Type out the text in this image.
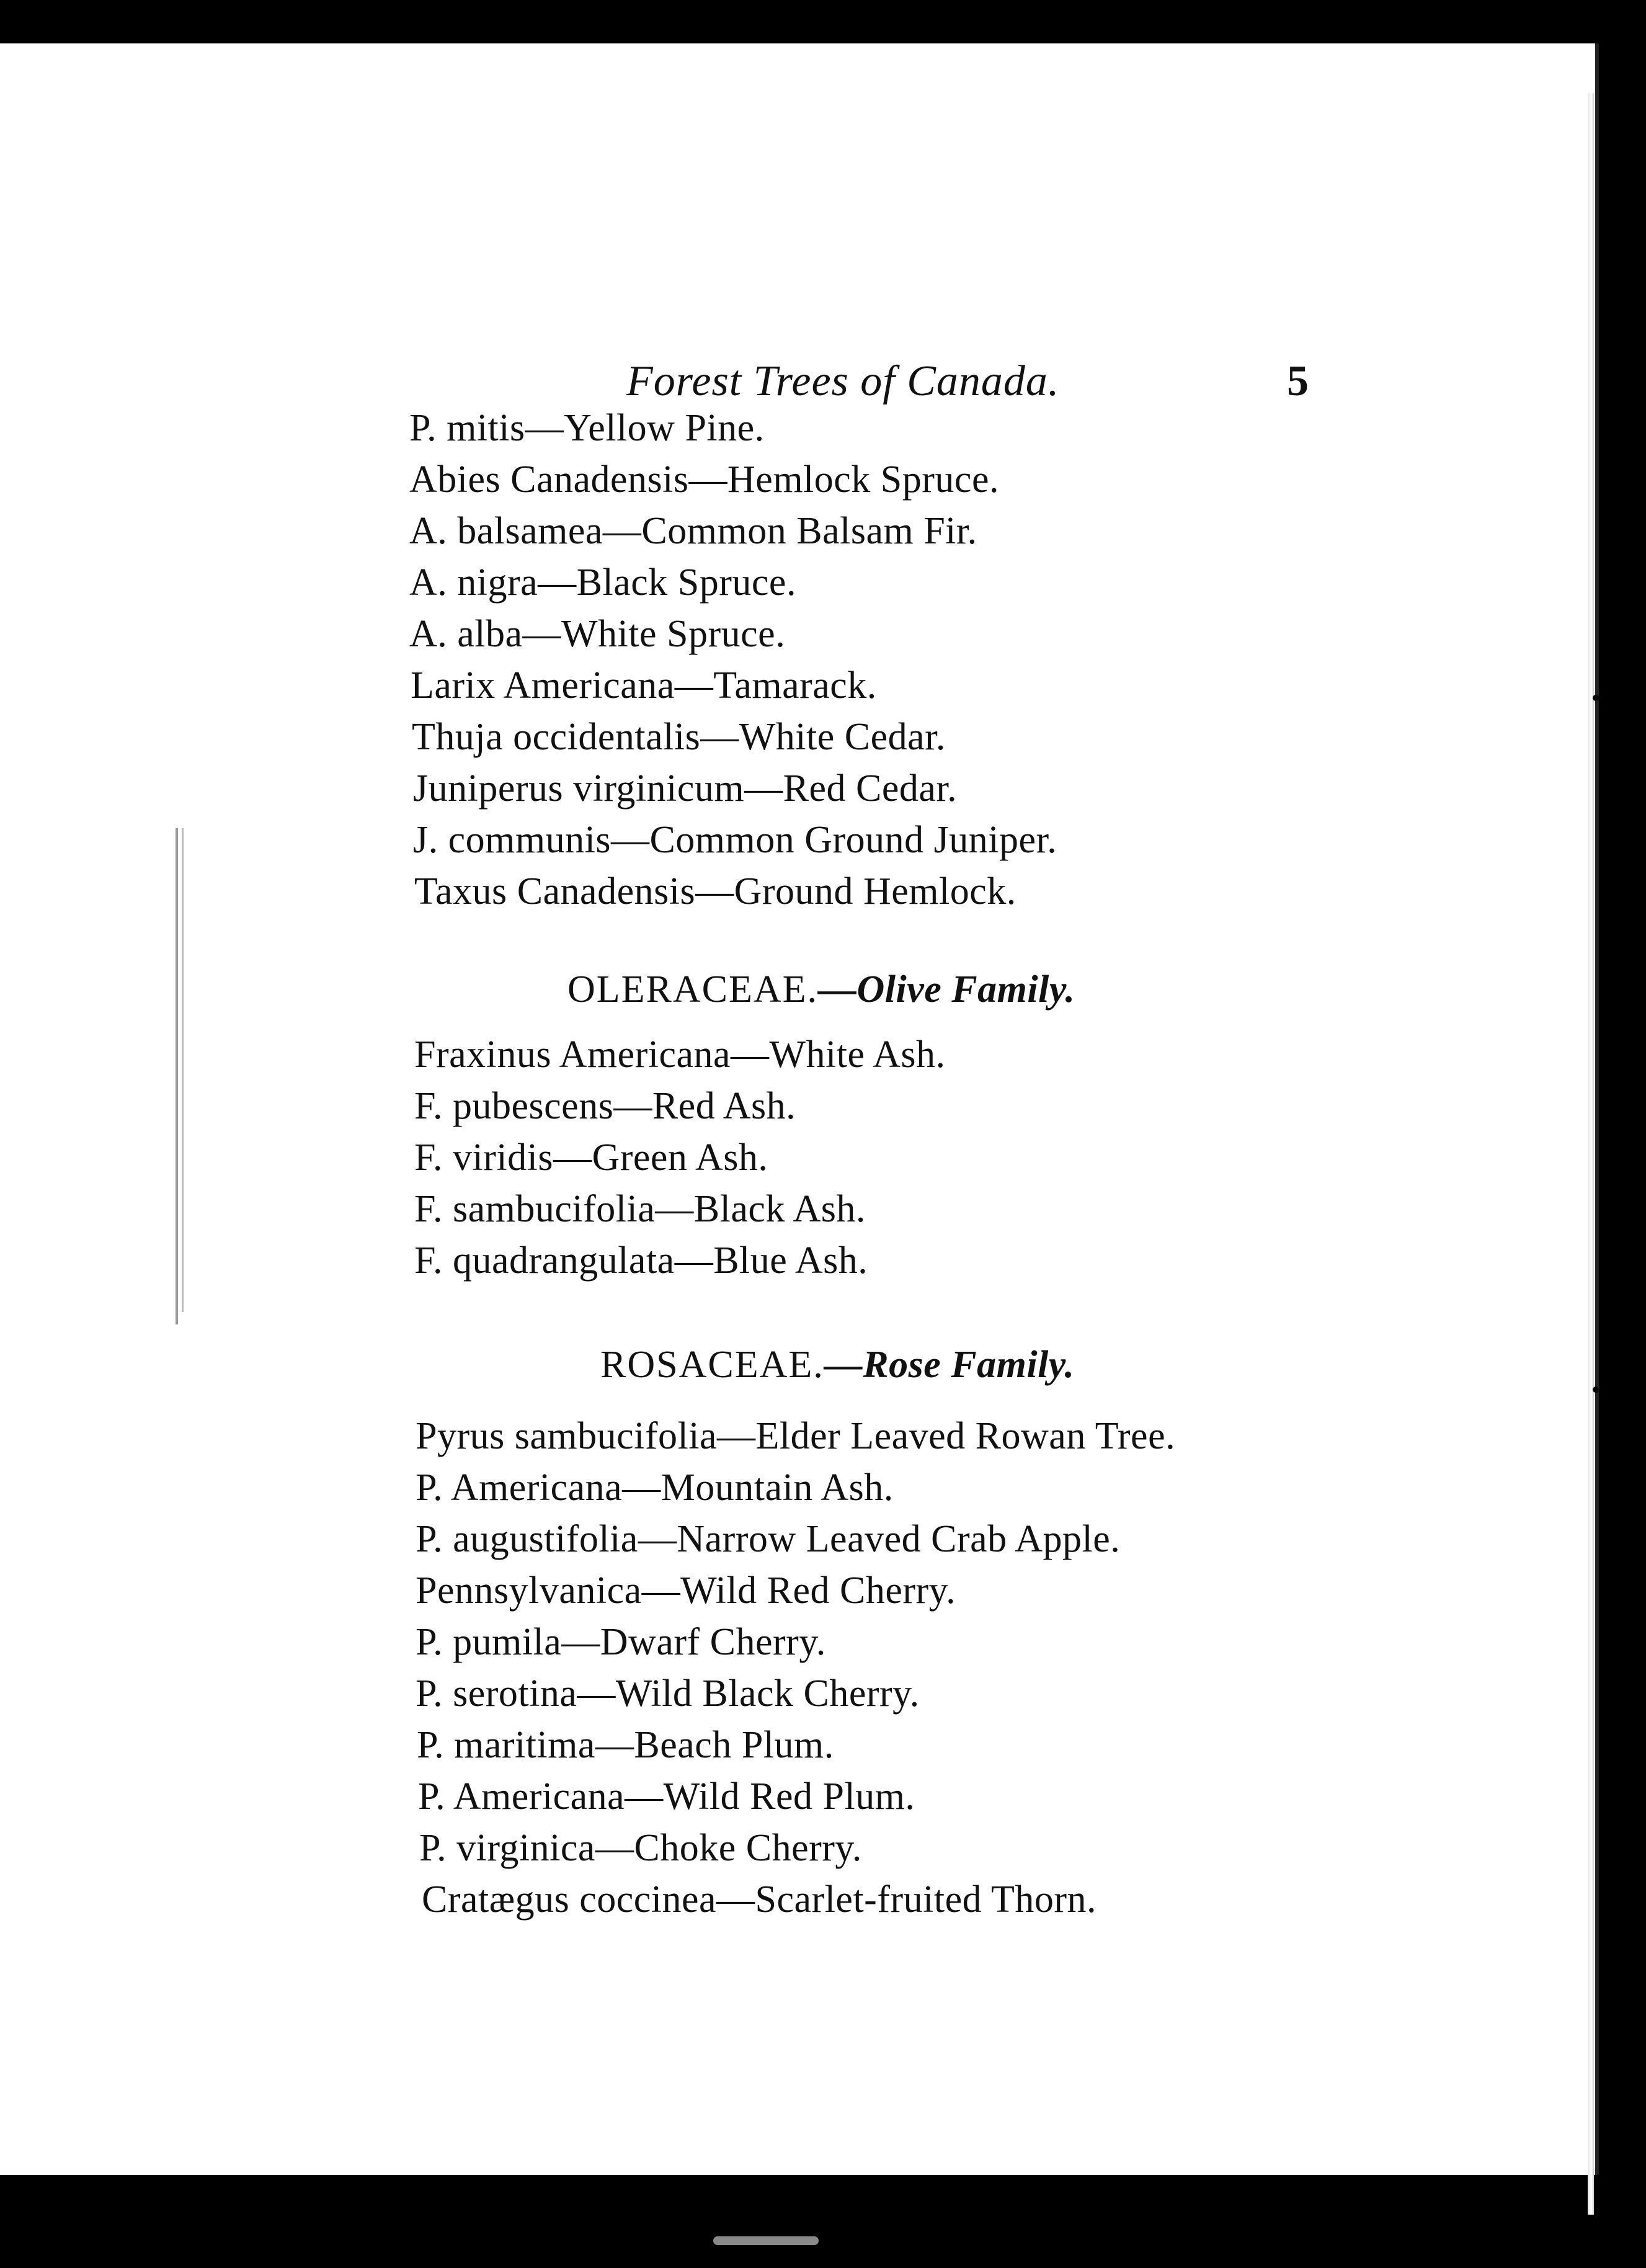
Forest Trees of Canada.	5
P. mitis—Yellow Pine.
Abies Canadensis—Hemlock Spruce.
A. balsamea—Common Balsam Fir.
A. nigra—Black Spruce.
A. alba—White Spruce.
Larix Americana—Tamarack.
Thuja occidentalis—White Cedar.
Juniperus virginicum—Red Cedar.
J. communis—Common Ground Juniper.
Taxus Canadensis—Ground Hemlock.
OLERACEAE.—Olive Family.
Fraxinus Americana—White Ash.
F. pubescens—Red Ash.
F. viridis—Green Ash.
F. sambucifolia—Black Ash.
F. quadrangulata—Blue Ash.
ROSACEAE.—Rose Family.
Pyrus sambucifolia—Elder Leaved Rowan Tree.
P. Americana—Mountain Ash.
P. augustifolia—Narrow Leaved Crab Apple.
Pennsylvanica—Wild Red Cherry.
P. pumila—Dwarf Cherry.
P. serotina—Wild Black Cherry.
P. maritima—Beach Plum.
P. Americana—Wild Red Plum.
P. virginica—Choke Cherry.
Cratægus coccinea—Scarlet-fruited Thorn.
